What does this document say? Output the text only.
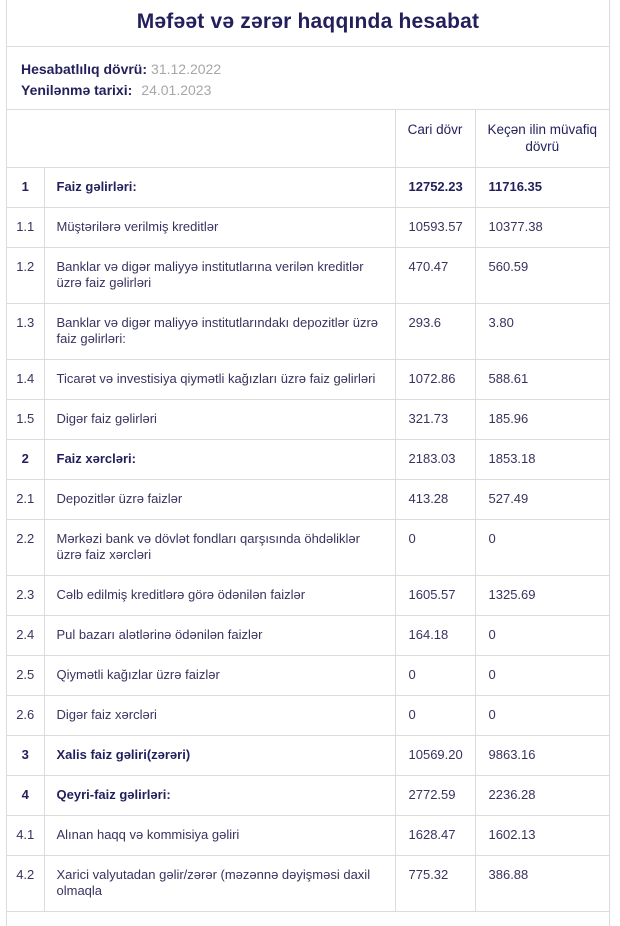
Məfəət və zərər haqqında hesabat
Hesabatlılıq dövrü: 31.12.2022
Yenilənmə tarixi: 24.01.2023
		Cari dövr	Keçən ilin müvafiq dövrü
1	Faiz gəlirləri:	12752.23	11716.35
1.1	Müştərilərə verilmiş kreditlər	10593.57	10377.38
1.2	Banklar və digər maliyyə institutlarına verilən kreditlər üzrə faiz gəlirləri	470.47	560.59
1.3	Banklar və digər maliyyə institutlarındakı depozitlər üzrə faiz gəlirləri:	293.6	3.80
1.4	Ticarət və investisiya qiymətli kağızları üzrə faiz gəlirləri	1072.86	588.61
1.5	Digər faiz gəlirləri	321.73	185.96
2	Faiz xərcləri:	2183.03	1853.18
2.1	Depozitlər üzrə faizlər	413.28	527.49
2.2	Mərkəzi bank və dövlət fondları qarşısında öhdəliklər üzrə faiz xərcləri	0	0
2.3	Cəlb edilmiş kreditlərə görə ödənilən faizlər	1605.57	1325.69
2.4	Pul bazarı alətlərinə ödənilən faizlər	164.18	0
2.5	Qiymətli kağızlar üzrə faizlər	0	0
2.6	Digər faiz xərcləri	0	0
3	Xalis faiz gəliri(zərəri)	10569.20	9863.16
4	Qeyri-faiz gəlirləri:	2772.59	2236.28
4.1	Alınan haqq və kommisiya gəliri	1628.47	1602.13
4.2	Xarici valyutadan gəlir/zərər (məzənnə dəyişməsi daxil olmaqla	775.32	386.88
